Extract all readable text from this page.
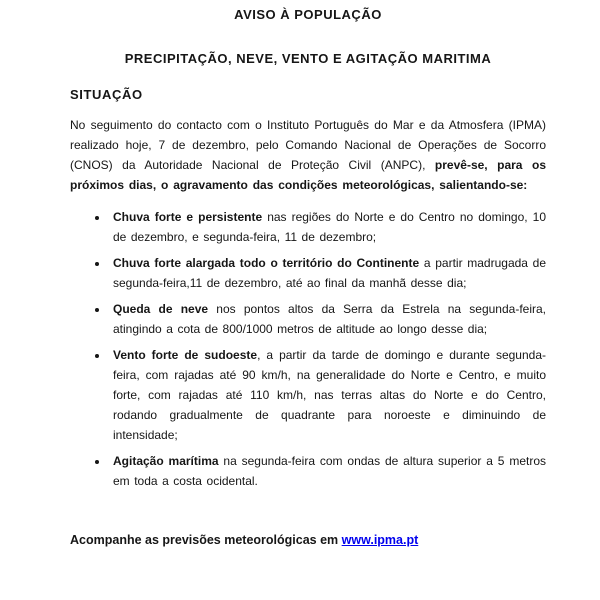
AVISO À POPULAÇÃO
PRECIPITAÇÃO, NEVE, VENTO E AGITAÇÃO MARITIMA
SITUAÇÃO

No seguimento do contacto com o Instituto Português do Mar e da Atmosfera (IPMA) realizado hoje, 7 de dezembro, pelo Comando Nacional de Operações de Socorro (CNOS) da Autoridade Nacional de Proteção Civil (ANPC), prevê-se, para os próximos dias, o agravamento das condições meteorológicas, salientando-se:

• Chuva forte e persistente nas regiões do Norte e do Centro no domingo, 10 de dezembro, e segunda-feira, 11 de dezembro;
• Chuva forte alargada todo o território do Continente a partir madrugada de segunda-feira,11 de dezembro, até ao final da manhã desse dia;
• Queda de neve nos pontos altos da Serra da Estrela na segunda-feira, atingindo a cota de 800/1000 metros de altitude ao longo desse dia;
• Vento forte de sudoeste, a partir da tarde de domingo e durante segunda-feira, com rajadas até 90 km/h, na generalidade do Norte e Centro, e muito forte, com rajadas até 110 km/h, nas terras altas do Norte e do Centro, rodando gradualmente de quadrante para noroeste e diminuindo de intensidade;
• Agitação marítima na segunda-feira com ondas de altura superior a 5 metros em toda a costa ocidental.

Acompanhe as previsões meteorológicas em www.ipma.pt
